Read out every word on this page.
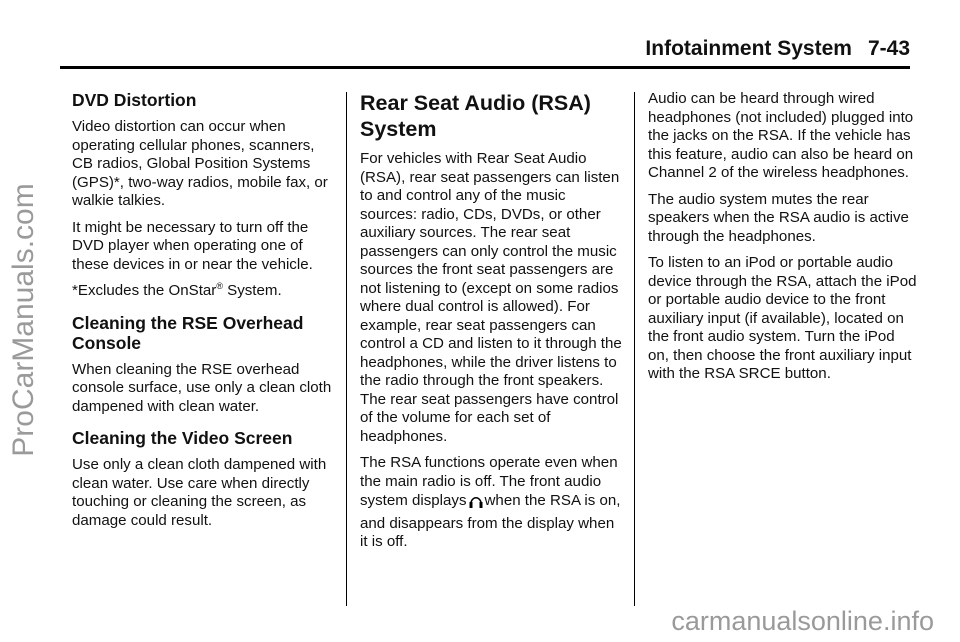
Infotainment System 7-43
DVD Distortion

Video distortion can occur when operating cellular phones, scanners, CB radios, Global Position Systems (GPS)*, two-way radios, mobile fax, or walkie talkies.

It might be necessary to turn off the DVD player when operating one of these devices in or near the vehicle.

*Excludes the OnStar® System.

Cleaning the RSE Overhead Console

When cleaning the RSE overhead console surface, use only a clean cloth dampened with clean water.

Cleaning the Video Screen

Use only a clean cloth dampened with clean water. Use care when directly touching or cleaning the screen, as damage could result.

Rear Seat Audio (RSA) System

For vehicles with Rear Seat Audio (RSA), rear seat passengers can listen to and control any of the music sources: radio, CDs, DVDs, or other auxiliary sources. The rear seat passengers can only control the music sources the front seat passengers are not listening to (except on some radios where dual control is allowed). For example, rear seat passengers can control a CD and listen to it through the headphones, while the driver listens to the radio through the front speakers. The rear seat passengers have control of the volume for each set of headphones.

The RSA functions operate even when the main radio is off. The front audio system displays when the RSA is on, and disappears from the display when it is off.

Audio can be heard through wired headphones (not included) plugged into the jacks on the RSA. If the vehicle has this feature, audio can also be heard on Channel 2 of the wireless headphones.

The audio system mutes the rear speakers when the RSA audio is active through the headphones.

To listen to an iPod or portable audio device through the RSA, attach the iPod or portable audio device to the front auxiliary input (if available), located on the front audio system. Turn the iPod on, then choose the front auxiliary input with the RSA SRCE button.

ProCarManuals.com
carmanualsonline.info
